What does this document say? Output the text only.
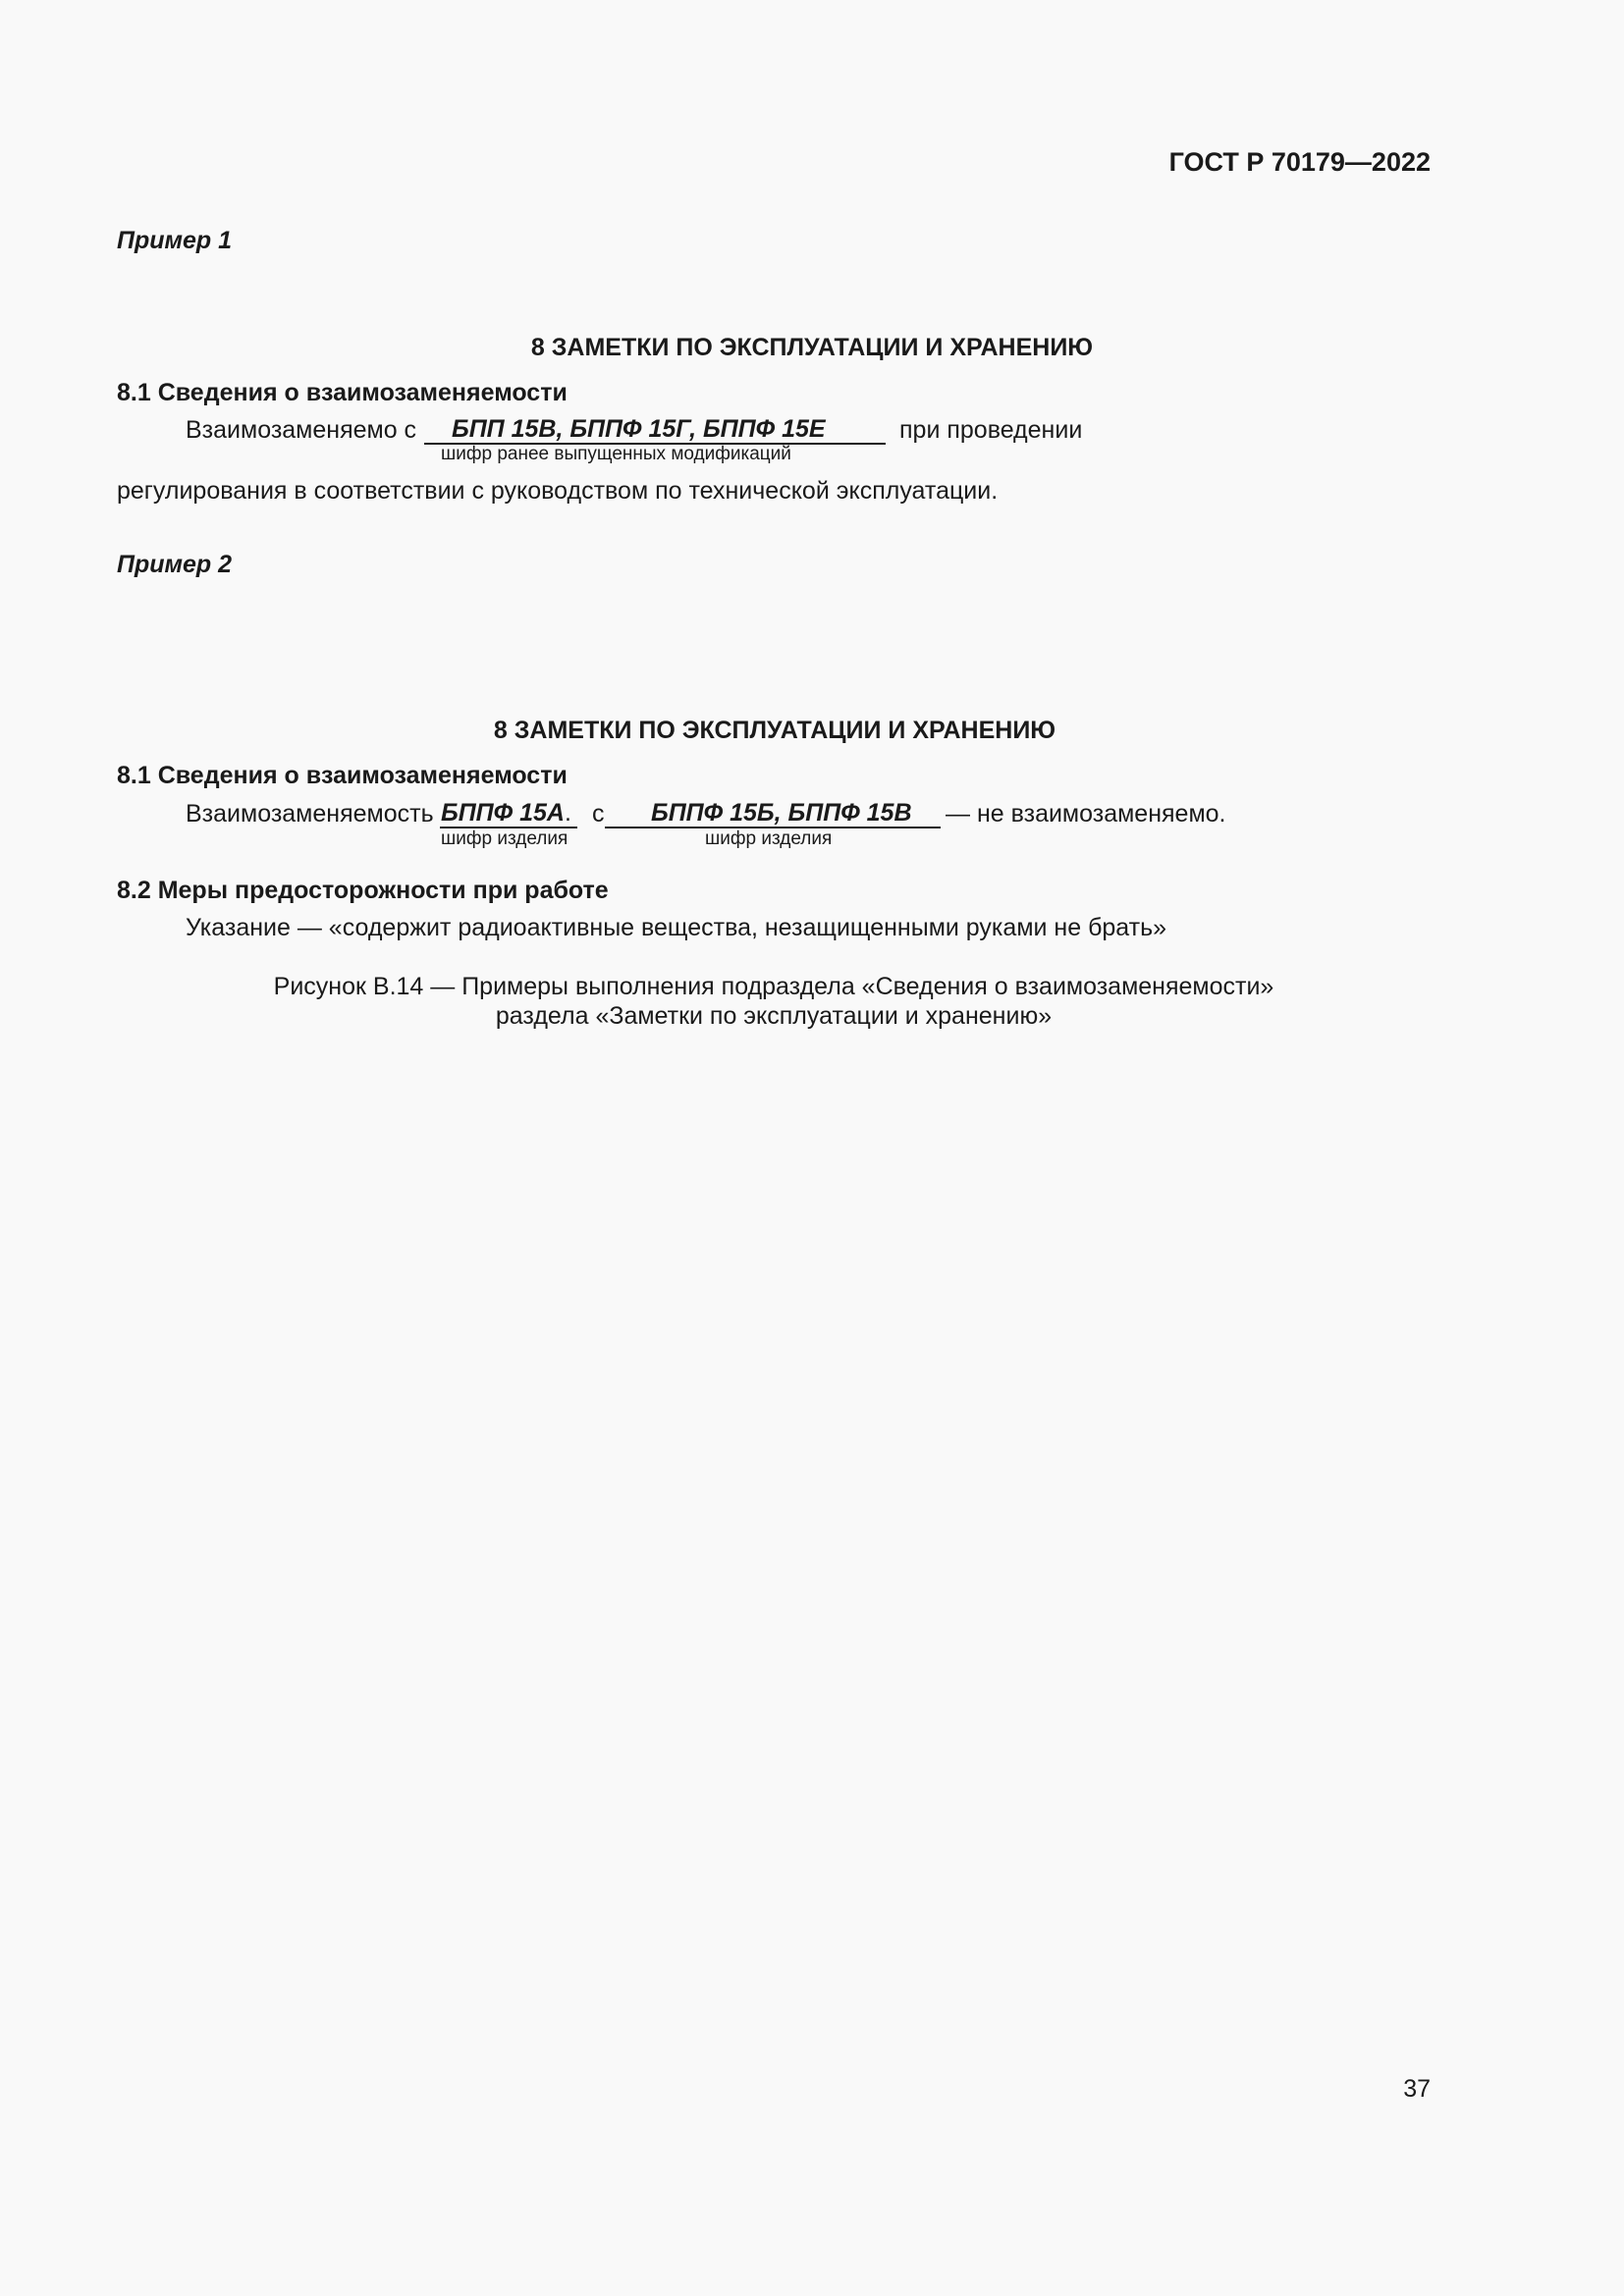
ГОСТ Р 70179—2022
Пример 1
8 ЗАМЕТКИ ПО ЭКСПЛУАТАЦИИ И ХРАНЕНИЮ
8.1 Сведения о взаимозаменяемости
Взаимозаменяемо с БПП 15В, БППФ 15Г, БППФ 15Е	при проведении
шифр ранее выпущенных модификаций
регулирования в соответствии с руководством по технической эксплуатации.
Пример 2
8 ЗАМЕТКИ ПО ЭКСПЛУАТАЦИИ И ХРАНЕНИЮ
8.1 Сведения о взаимозаменяемости
Взаимозаменяемость БППФ 15А. с БППФ 15Б, БППФ 15В — не взаимозаменяемо.
шифр изделия	шифр изделия
8.2 Меры предосторожности при работе
Указание — «содержит радиоактивные вещества, незащищенными руками не брать»
Рисунок В.14 — Примеры выполнения подраздела «Сведения о взаимозаменяемости»
раздела «Заметки по эксплуатации и хранению»
37
